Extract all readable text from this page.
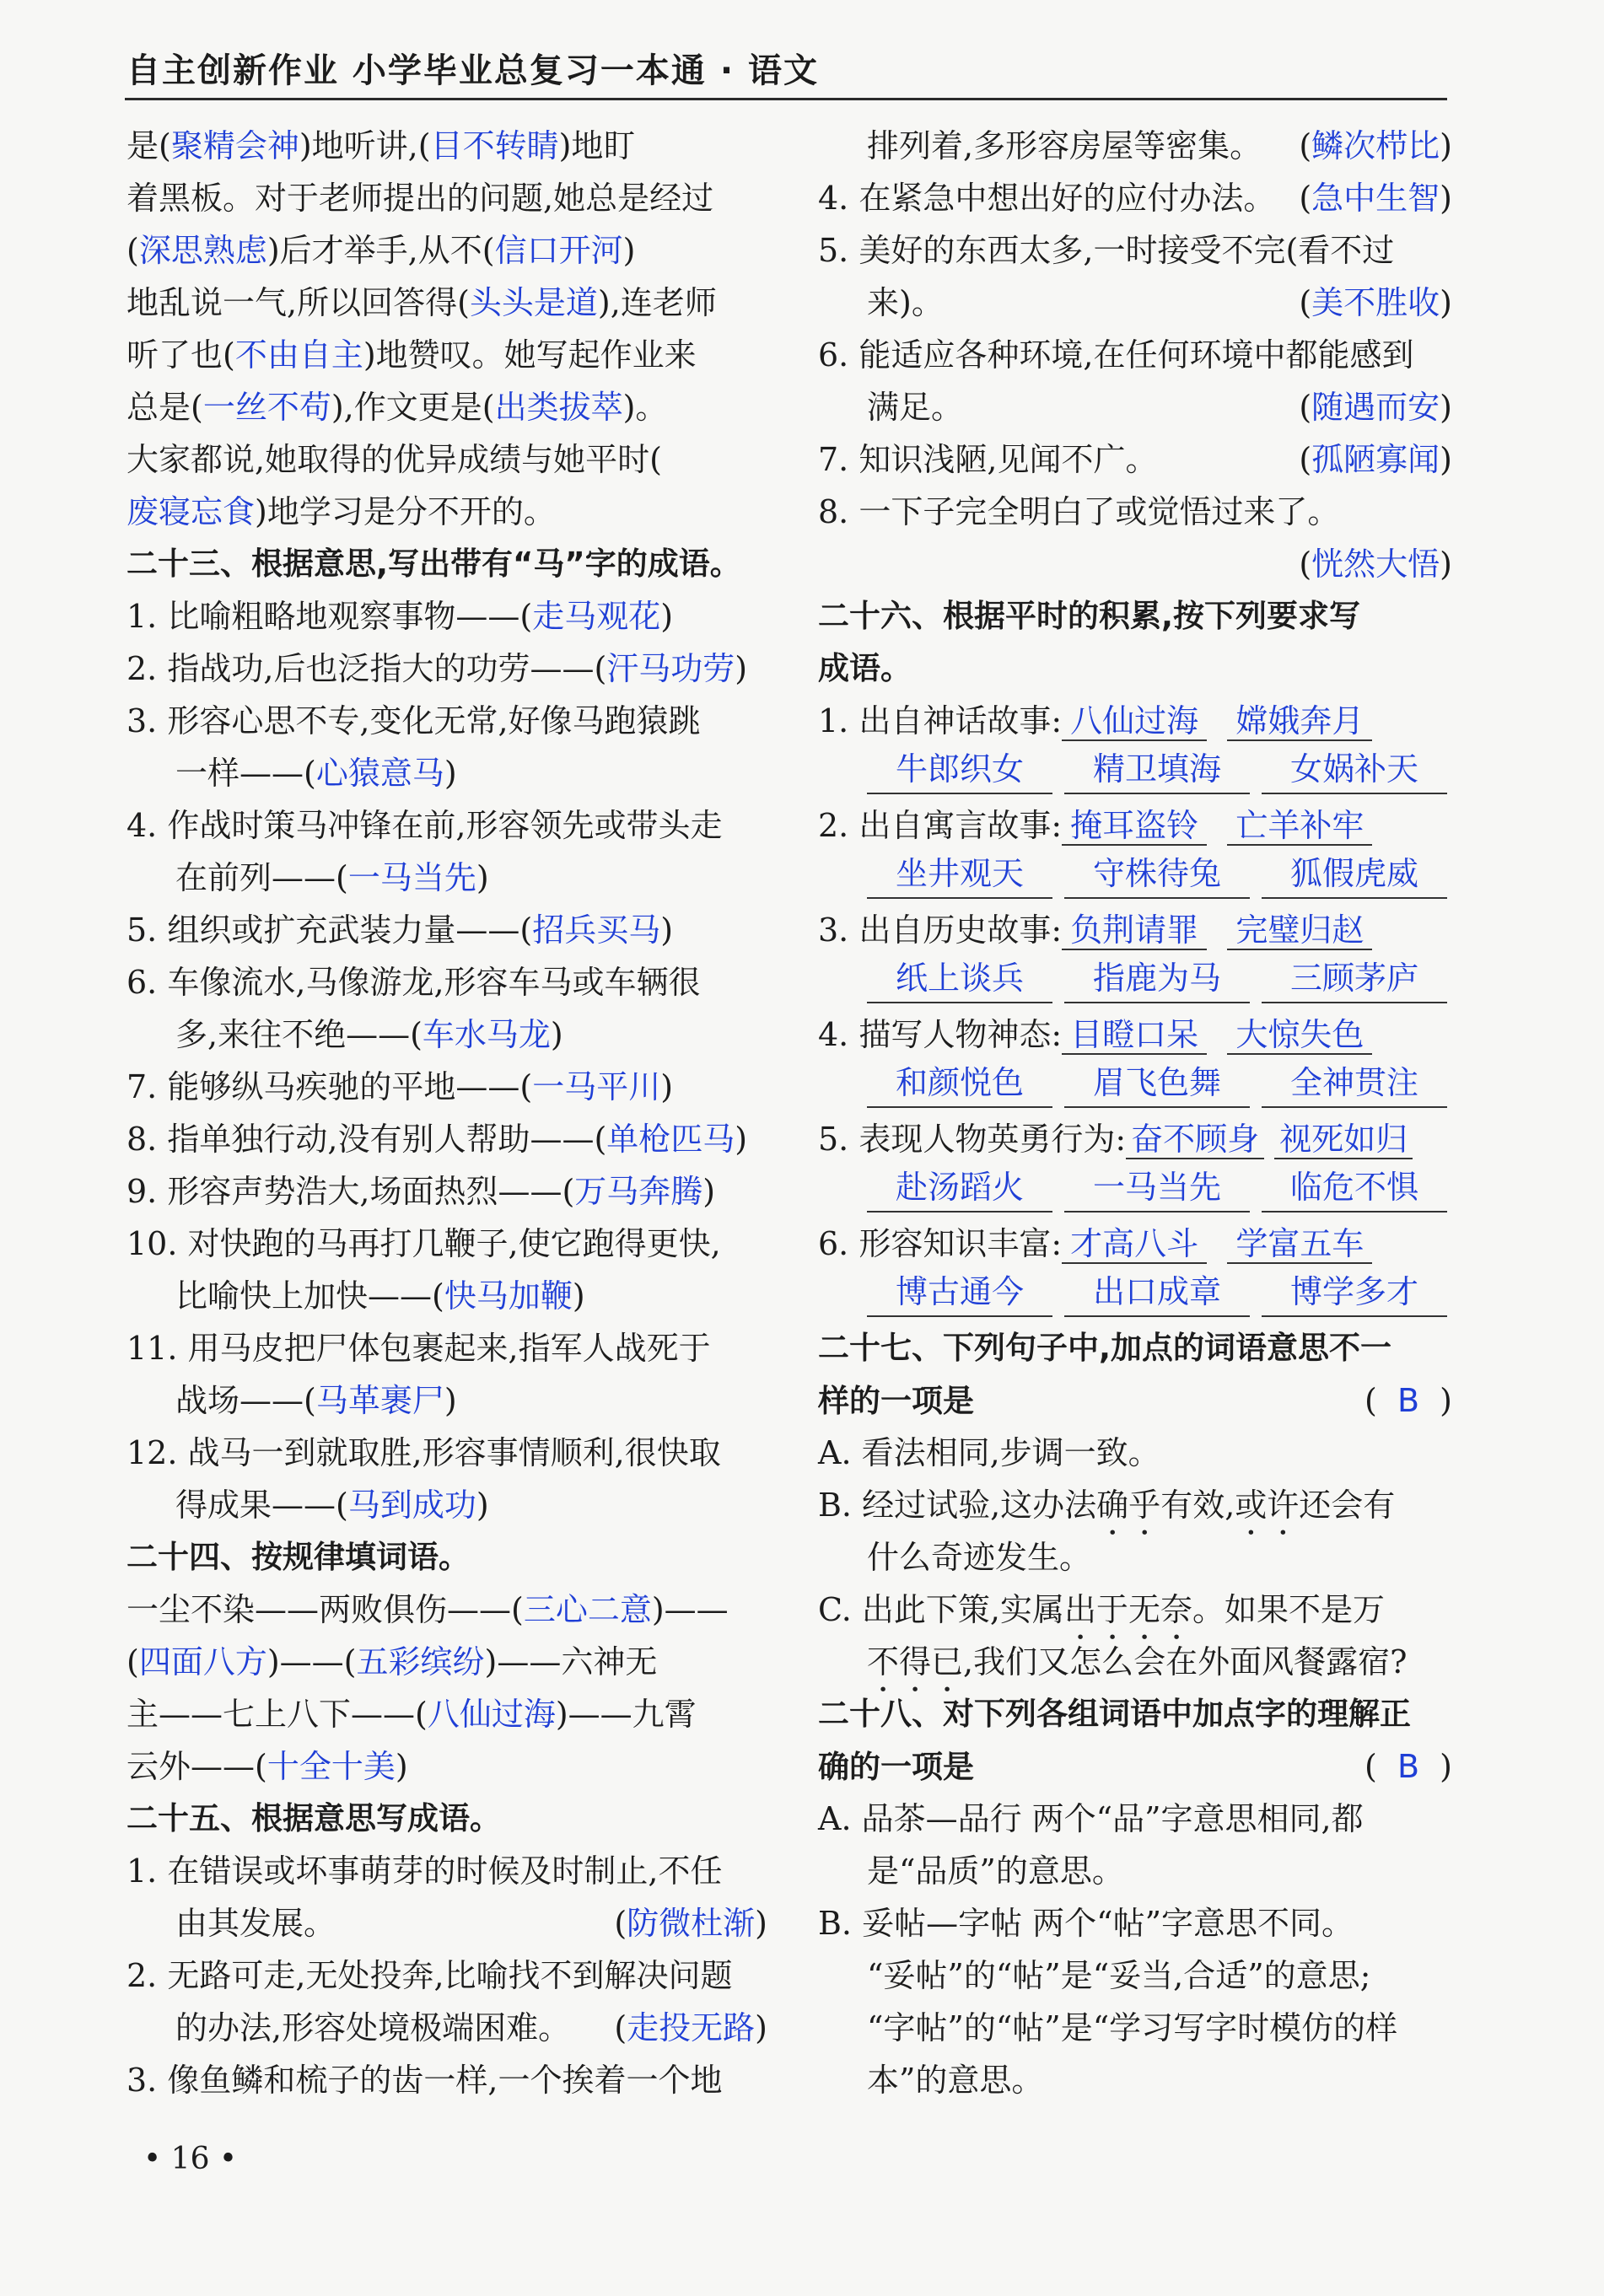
自主创新作业 小学毕业总复习一本通 · 语文
是(聚精会神)地听讲,(目不转睛)地盯
着黑板。对于老师提出的问题,她总是经过
(深思熟虑)后才举手,从不(信口开河)
地乱说一气,所以回答得(头头是道),连老师
听了也(不由自主)地赞叹。她写起作业来
总是(一丝不苟),作文更是(出类拔萃)。
大家都说,她取得的优异成绩与她平时(
废寝忘食)地学习是分不开的。
二十三、根据意思,写出带有“马”字的成语。
1. 比喻粗略地观察事物——(走马观花)
2. 指战功,后也泛指大的功劳——(汗马功劳)
3. 形容心思不专,变化无常,好像马跑猿跳
一样——(心猿意马)
4. 作战时策马冲锋在前,形容领先或带头走
在前列——(一马当先)
5. 组织或扩充武装力量——(招兵买马)
6. 车像流水,马像游龙,形容车马或车辆很
多,来往不绝——(车水马龙)
7. 能够纵马疾驰的平地——(一马平川)
8. 指单独行动,没有别人帮助——(单枪匹马)
9. 形容声势浩大,场面热烈——(万马奔腾)
10. 对快跑的马再打几鞭子,使它跑得更快,
比喻快上加快——(快马加鞭)
11. 用马皮把尸体包裹起来,指军人战死于
战场——(马革裹尸)
12. 战马一到就取胜,形容事情顺利,很快取
得成果——(马到成功)
二十四、按规律填词语。
一尘不染——两败俱伤——(三心二意)——
(四面八方)——(五彩缤纷)——六神无
主——七上八下——(八仙过海)——九霄
云外——(十全十美)
二十五、根据意思写成语。
1. 在错误或坏事萌芽的时候及时制止,不任
由其发展。	(防微杜渐)
2. 无路可走,无处投奔,比喻找不到解决问题
的办法,形容处境极端困难。 (走投无路)
3. 像鱼鳞和梳子的齿一样,一个挨着一个地
排列着,多形容房屋等密集。 (鳞次栉比)
4. 在紧急中想出好的应付办法。 (急中生智)
5. 美好的东西太多,一时接受不完(看不过
来)。	(美不胜收)
6. 能适应各种环境,在任何环境中都能感到
满足。	(随遇而安)
7. 知识浅陋,见闻不广。	(孤陋寡闻)
8. 一下子完全明白了或觉悟过来了。
(恍然大悟)
二十六、根据平时的积累,按下列要求写
成语。
1. 出自神话故事: 八仙过海 嫦娥奔月
牛郎织女	精卫填海	女娲补天
2. 出自寓言故事: 掩耳盗铃 亡羊补牢
坐井观天	守株待兔	狐假虎威
3. 出自历史故事: 负荆请罪 完璧归赵
纸上谈兵	指鹿为马	三顾茅庐
4. 描写人物神态: 目瞪口呆 大惊失色
和颜悦色	眉飞色舞	全神贯注
5. 表现人物英勇行为: 奋不顾身 视死如归
赴汤蹈火	一马当先	临危不惧
6. 形容知识丰富: 才高八斗 学富五车
博古通今	出口成章	博学多才
二十七、下列句子中,加点的词语意思不一
样的一项是	(  B  )
A. 看法相同,步调一致。
B. 经过试验,这办法确乎有效,或许还会有
什么奇迹发生。
C. 出此下策,实属出于无奈。如果不是万
不得已,我们又怎么会在外面风餐露宿?
二十八、对下列各组词语中加点字的理解正
确的一项是	(  B  )
A. 品茶—品行 两个“品”字意思相同,都
是“品质”的意思。
B. 妥帖—字帖 两个“帖”字意思不同。
“妥帖”的“帖”是“妥当,合适”的意思;
“字帖”的“帖”是“学习写字时模仿的样
本”的意思。
• 16 •
